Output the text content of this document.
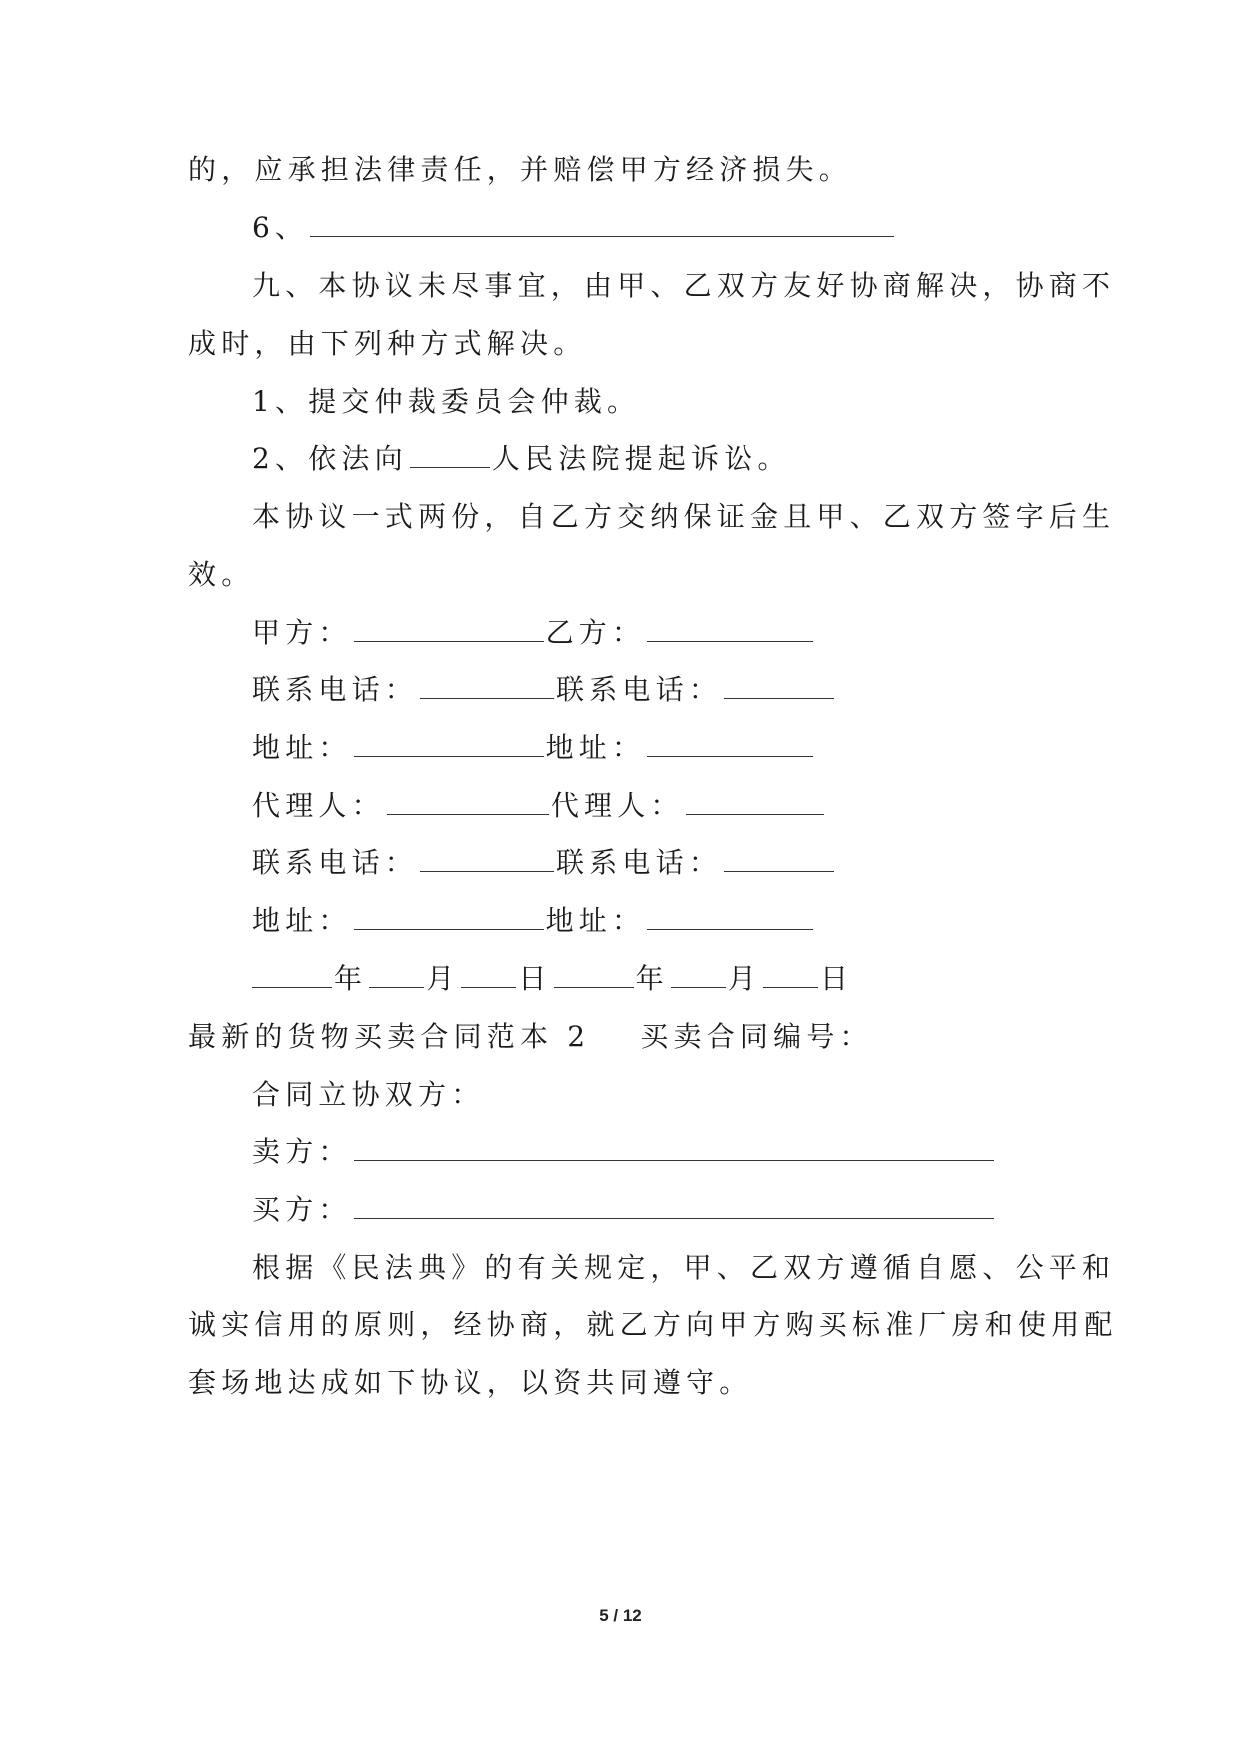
的，应承担法律责任，并赔偿甲方经济损失。
6、
九、本协议未尽事宜，由甲、乙双方友好协商解决，协商不
成时，由下列种方式解决。
1、提交仲裁委员会仲裁。
2、依法向	人民法院提起诉讼。
本协议一式两份，自乙方交纳保证金且甲、乙双方签字后生
效。
甲方：	乙方：
联系电话：	联系电话：
地址：	地址：
代理人：	代理人：
联系电话：	联系电话：
地址：	地址：
年 月 日	年 月 日
最新的货物买卖合同范本 2 买卖合同编号：
合同立协双方：
卖方：
买方：
根据《民法典》的有关规定，甲、乙双方遵循自愿、公平和
诚实信用的原则，经协商，就乙方向甲方购买标准厂房和使用配
套场地达成如下协议，以资共同遵守。
5 / 12
